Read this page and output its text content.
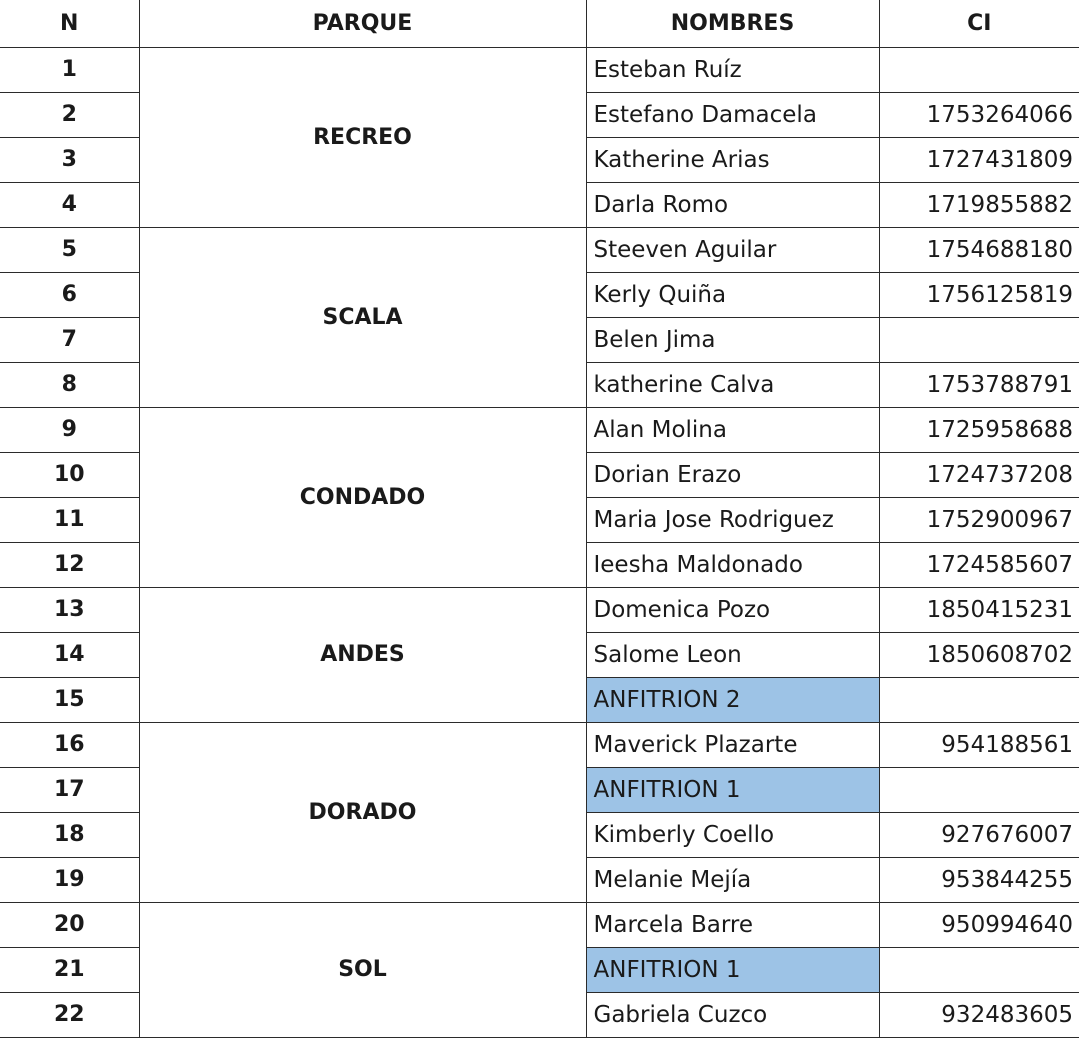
N	PARQUE	NOMBRES	CI
1	RECREO	Esteban Ruíz	
2		Estefano Damacela	1753264066
3		Katherine Arias	1727431809
4		Darla Romo	1719855882
5	SCALA	Steeven Aguilar	1754688180
6		Kerly Quiña	1756125819
7		Belen Jima	
8		katherine Calva	1753788791
9	CONDADO	Alan Molina	1725958688
10		Dorian Erazo	1724737208
11		Maria Jose Rodriguez	1752900967
12		Ieesha Maldonado	1724585607
13	ANDES	Domenica Pozo	1850415231
14		Salome Leon	1850608702
15		ANFITRION 2	
16	DORADO	Maverick Plazarte	954188561
17		ANFITRION 1	
18		Kimberly Coello	927676007
19		Melanie Mejía	953844255
20	SOL	Marcela Barre	950994640
21		ANFITRION 1	
22		Gabriela Cuzco	932483605
